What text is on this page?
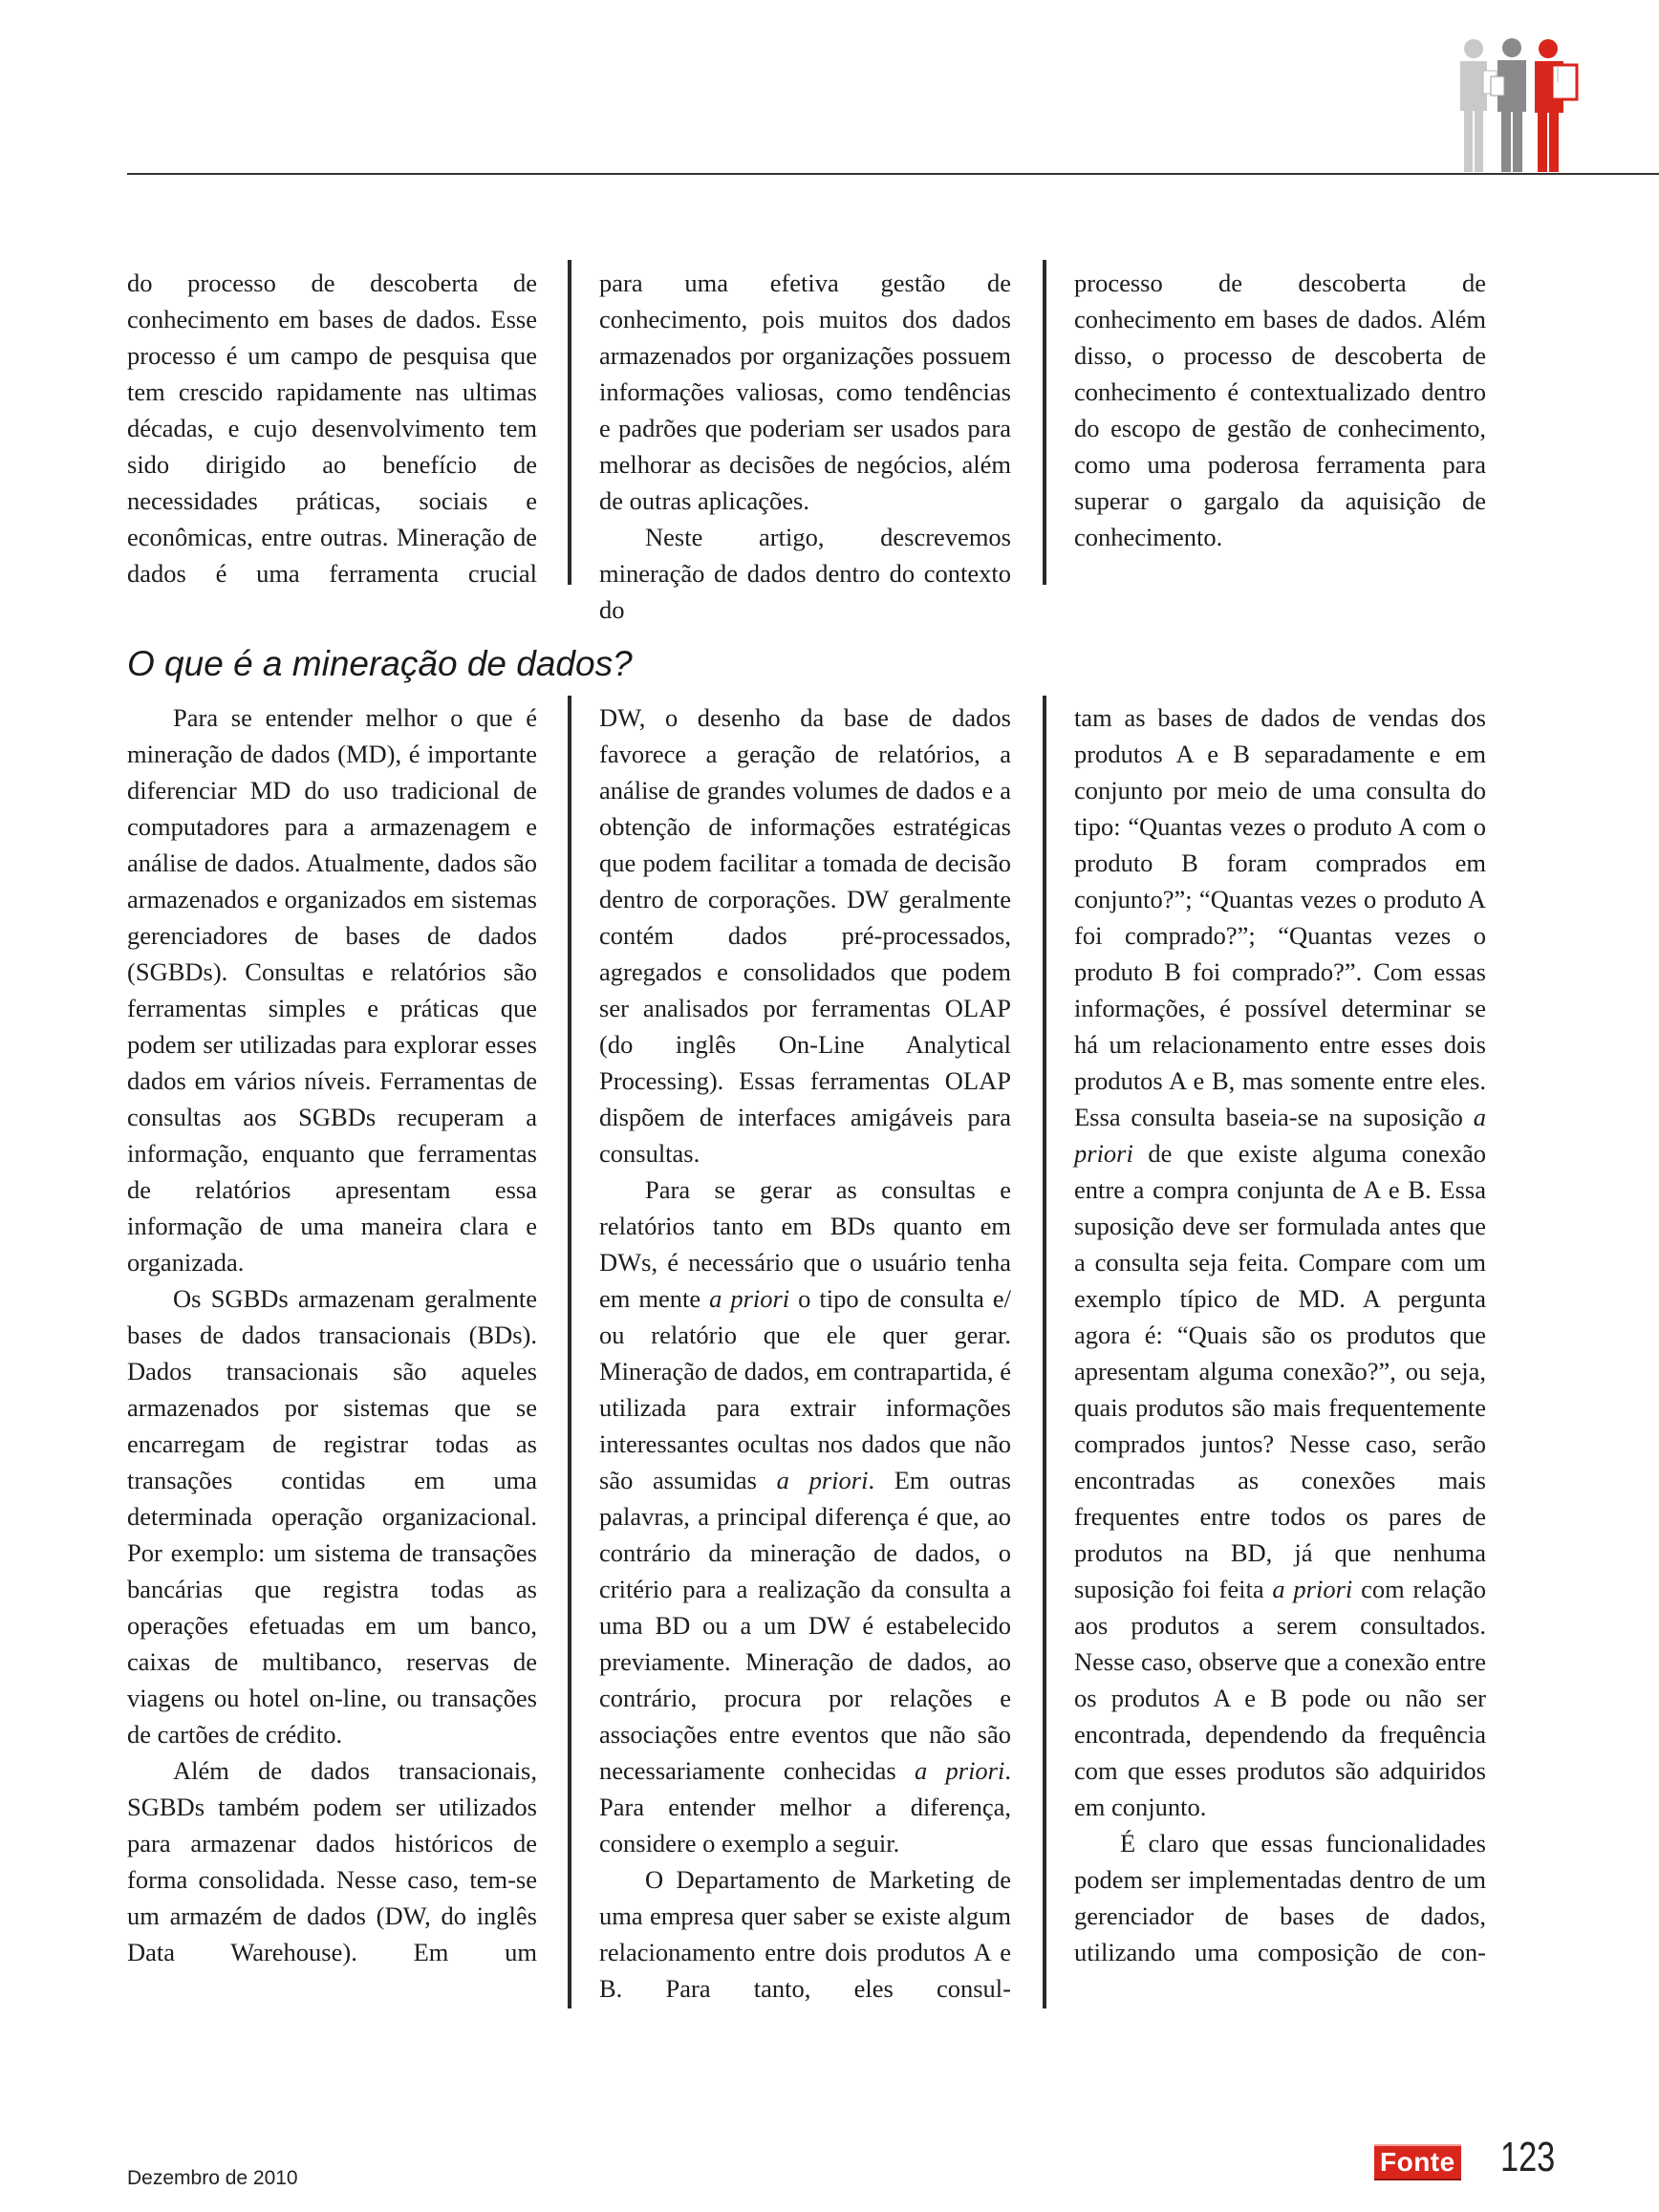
do processo de descoberta de conhecimento em bases de dados. Esse processo é um campo de pesquisa que tem crescido rapidamente nas ultimas décadas, e cujo desenvolvimento tem sido dirigido ao benefício de necessidades práticas, sociais e econômicas, entre outras. Mineração de dados é uma ferramenta crucial

para uma efetiva gestão de conhecimento, pois muitos dos dados armazenados por organizações possuem informações valiosas, como tendências e padrões que poderiam ser usados para melhorar as decisões de negócios, além de outras aplicações.

Neste artigo, descrevemos mineração de dados dentro do contexto do

processo de descoberta de conhecimento em bases de dados. Além disso, o processo de descoberta de conhecimento é contextualizado dentro do escopo de gestão de conhecimento, como uma poderosa ferramenta para superar o gargalo da aquisição de conhecimento.

O que é a mineração de dados?

Para se entender melhor o que é mineração de dados (MD), é importante diferenciar MD do uso tradicional de computadores para a armazenagem e análise de dados. Atualmente, dados são armazenados e organizados em sistemas gerenciadores de bases de dados (SGBDs). Consultas e relatórios são ferramentas simples e práticas que podem ser utilizadas para explorar esses dados em vários níveis. Ferramentas de consultas aos SGBDs recuperam a informação, enquanto que ferramentas de relatórios apresentam essa informação de uma maneira clara e organizada.

Os SGBDs armazenam geralmente bases de dados transacionais (BDs). Dados transacionais são aqueles armazenados por sistemas que se encarregam de registrar todas as transações contidas em uma determinada operação organizacional. Por exemplo: um sistema de transações bancárias que registra todas as operações efetuadas em um banco, caixas de multibanco, reservas de viagens ou hotel on-line, ou transações de cartões de crédito.

Além de dados transacionais, SGBDs também podem ser utilizados para armazenar dados históricos de forma consolidada. Nesse caso, tem-se um armazém de dados (DW, do inglês Data Warehouse). Em um

DW, o desenho da base de dados favorece a geração de relatórios, a análise de grandes volumes de dados e a obtenção de informações estratégicas que podem facilitar a tomada de decisão dentro de corporações. DW geralmente contém dados pré-processados, agregados e consolidados que podem ser analisados por ferramentas OLAP (do inglês On-Line Analytical Processing). Essas ferramentas OLAP dispõem de interfaces amigáveis para consultas.

Para se gerar as consultas e relatórios tanto em BDs quanto em DWs, é necessário que o usuário tenha em mente a priori o tipo de consulta e/ ou relatório que ele quer gerar. Mineração de dados, em contrapartida, é utilizada para extrair informações interessantes ocultas nos dados que não são assumidas a priori. Em outras palavras, a principal diferença é que, ao contrário da mineração de dados, o critério para a realização da consulta a uma BD ou a um DW é estabelecido previamente. Mineração de dados, ao contrário, procura por relações e associações entre eventos que não são necessariamente conhecidas a priori. Para entender melhor a diferença, considere o exemplo a seguir.

O Departamento de Marketing de uma empresa quer saber se existe algum relacionamento entre dois produtos A e B. Para tanto, eles consul-

tam as bases de dados de vendas dos produtos A e B separadamente e em conjunto por meio de uma consulta do tipo: “Quantas vezes o produto A com o produto B foram comprados em conjunto?”; “Quantas vezes o produto A foi comprado?”; “Quantas vezes o produto B foi comprado?”. Com essas informações, é possível determinar se há um relacionamento entre esses dois produtos A e B, mas somente entre eles. Essa consulta baseia-se na suposição a priori de que existe alguma conexão entre a compra conjunta de A e B. Essa suposição deve ser formulada antes que a consulta seja feita. Compare com um exemplo típico de MD. A pergunta agora é: “Quais são os produtos que apresentam alguma conexão?”, ou seja, quais produtos são mais frequentemente comprados juntos? Nesse caso, serão encontradas as conexões mais frequentes entre todos os pares de produtos na BD, já que nenhuma suposição foi feita a priori com relação aos produtos a serem consultados. Nesse caso, observe que a conexão entre os produtos A e B pode ou não ser encontrada, dependendo da frequência com que esses produtos são adquiridos em conjunto.

É claro que essas funcionalidades podem ser implementadas dentro de um gerenciador de bases de dados, utilizando uma composição de con-

Dezembro de 2010
Fonte 123
